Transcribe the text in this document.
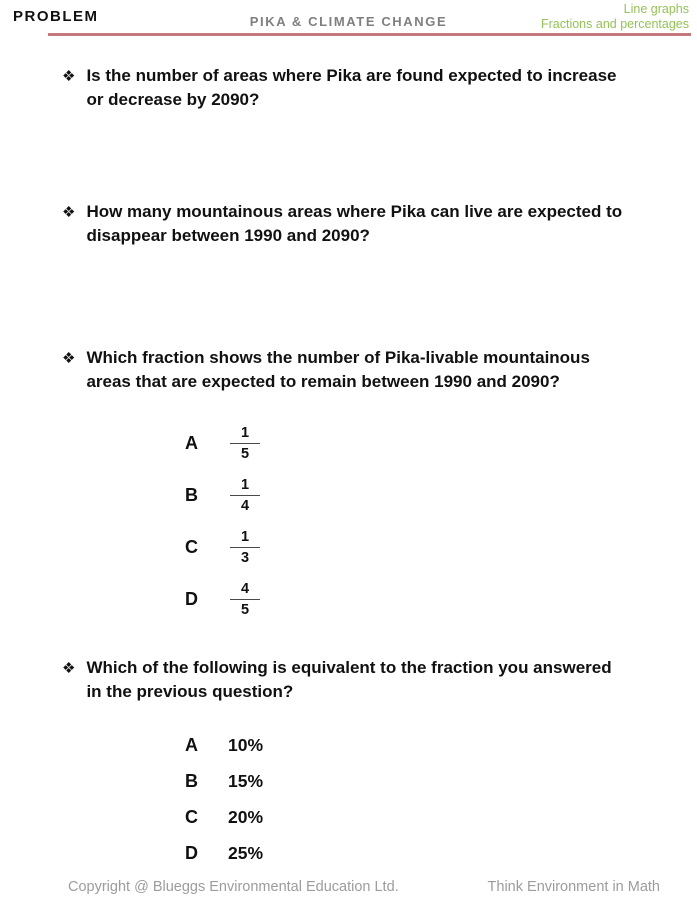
PROBLEM	PIKA & CLIMATE CHANGE
Line graphs
Fractions and percentages
❖ Is the number of areas where Pika are found expected to increase
or decrease by 2090?
❖ How many mountainous areas where Pika can live are expected to
disappear between 1990 and 2090?
❖ Which fraction shows the number of Pika-livable mountainous
areas that are expected to remain between 1990 and 2090?
A	$\frac{1}{5}$
B	$\frac{1}{4}$
C	$\frac{1}{3}$
D	$\frac{4}{5}$
❖ Which of the following is equivalent to the fraction you answered
in the previous question?
A	10%
B	15%
C	20%
D	25%
Copyright @ Blueggs Environmental Education Ltd.	Think Environment in Math
